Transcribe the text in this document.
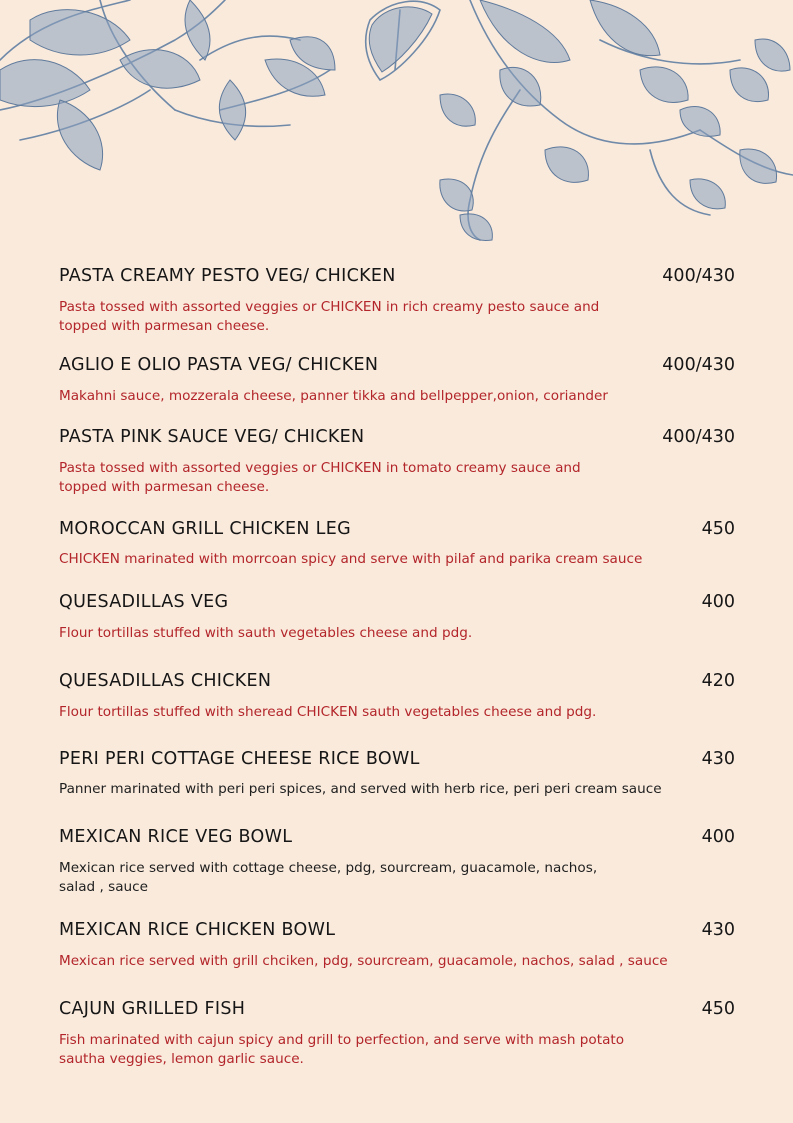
PASTA CREAMY PESTO VEG/ CHICKEN	400/430
Pasta tossed with assorted veggies or CHICKEN in rich creamy pesto sauce and
topped with parmesan cheese.
AGLIO E OLIO PASTA VEG/ CHICKEN	400/430
Makahni sauce, mozzerala cheese, panner tikka and bellpepper,onion, coriander
PASTA PINK SAUCE VEG/ CHICKEN	400/430
Pasta tossed with assorted veggies or CHICKEN in tomato creamy sauce and
topped with parmesan cheese.
MOROCCAN GRILL CHICKEN LEG	450
CHICKEN marinated with morrcoan spicy and serve with pilaf and parika cream sauce
QUESADILLAS VEG	400
Flour tortillas stuffed with sauth vegetables cheese and pdg.
QUESADILLAS CHICKEN	420
Flour tortillas stuffed with sheread CHICKEN sauth vegetables cheese and pdg.
PERI PERI COTTAGE CHEESE RICE BOWL	430
Panner marinated with peri peri spices, and served with herb rice, peri peri cream sauce
MEXICAN RICE VEG BOWL	400
Mexican rice served with cottage cheese, pdg, sourcream, guacamole, nachos,
salad , sauce
MEXICAN RICE CHICKEN BOWL	430
Mexican rice served with grill chciken, pdg, sourcream, guacamole, nachos, salad , sauce
CAJUN GRILLED FISH	450
Fish marinated with cajun spicy and grill to perfection, and serve with mash potato
sautha veggies, lemon garlic sauce.
